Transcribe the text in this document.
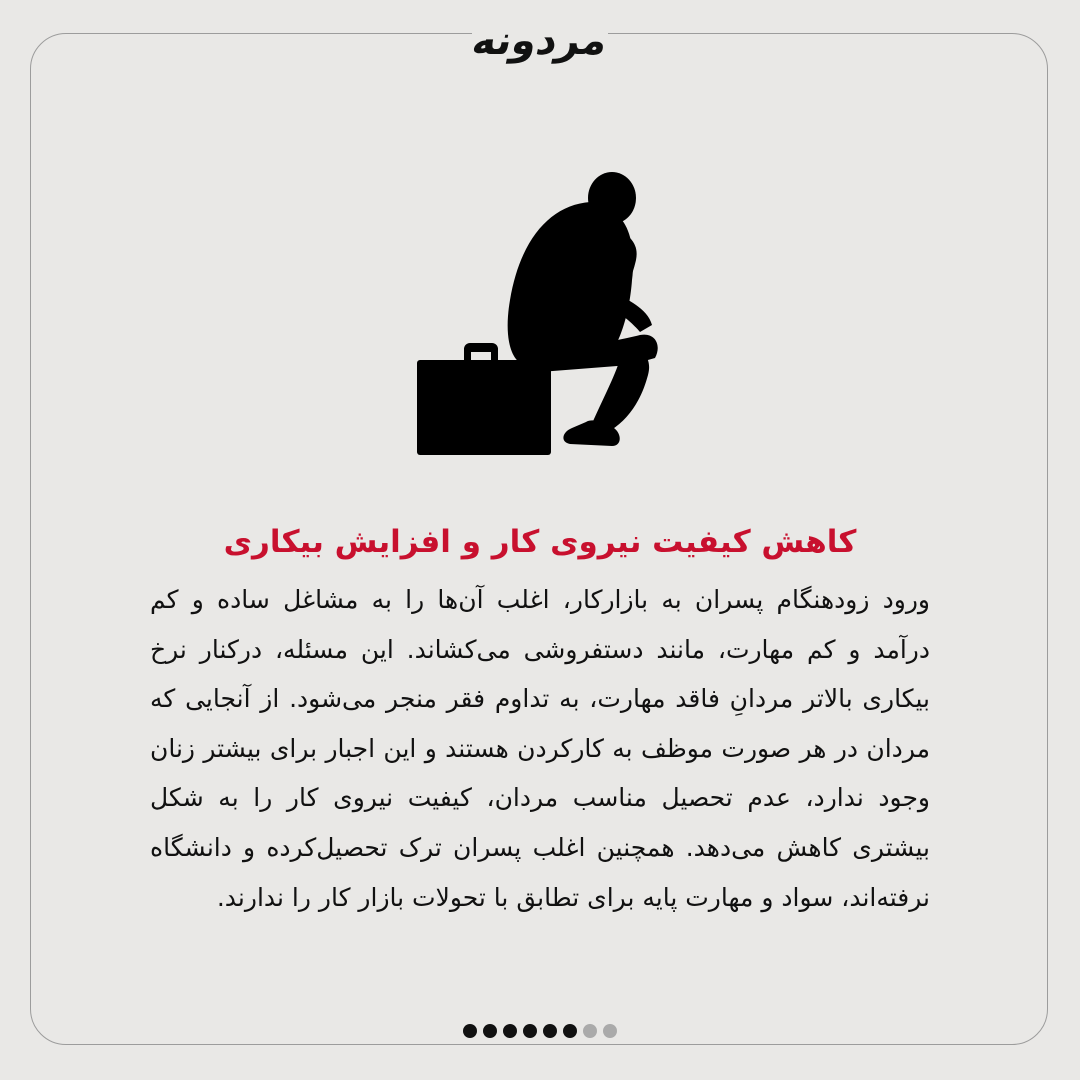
مردونه
کاهش کیفیت نیروی کار و افزایش بیکاری
ورود زودهنگام پسران به بازارکار، اغلب آن‌ها را به مشاغل ساده و کم درآمد و کم مهارت، مانند دستفروشی می‌کشاند. این مسئله، درکنار نرخ بیکاری بالاتر مردانِ فاقد مهارت، به تداوم فقر منجر می‌شود. از آنجایی که مردان در هر صورت موظف به کارکردن هستند و این اجبار برای بیشتر زنان وجود ندارد، عدم تحصیل مناسب مردان، کیفیت نیروی کار را به شکل بیشتری کاهش می‌دهد. همچنین اغلب پسران ترک تحصیل‌کرده و دانشگاه نرفته‌اند، سواد و مهارت پایه برای تطابق با تحولات بازار کار را ندارند.
